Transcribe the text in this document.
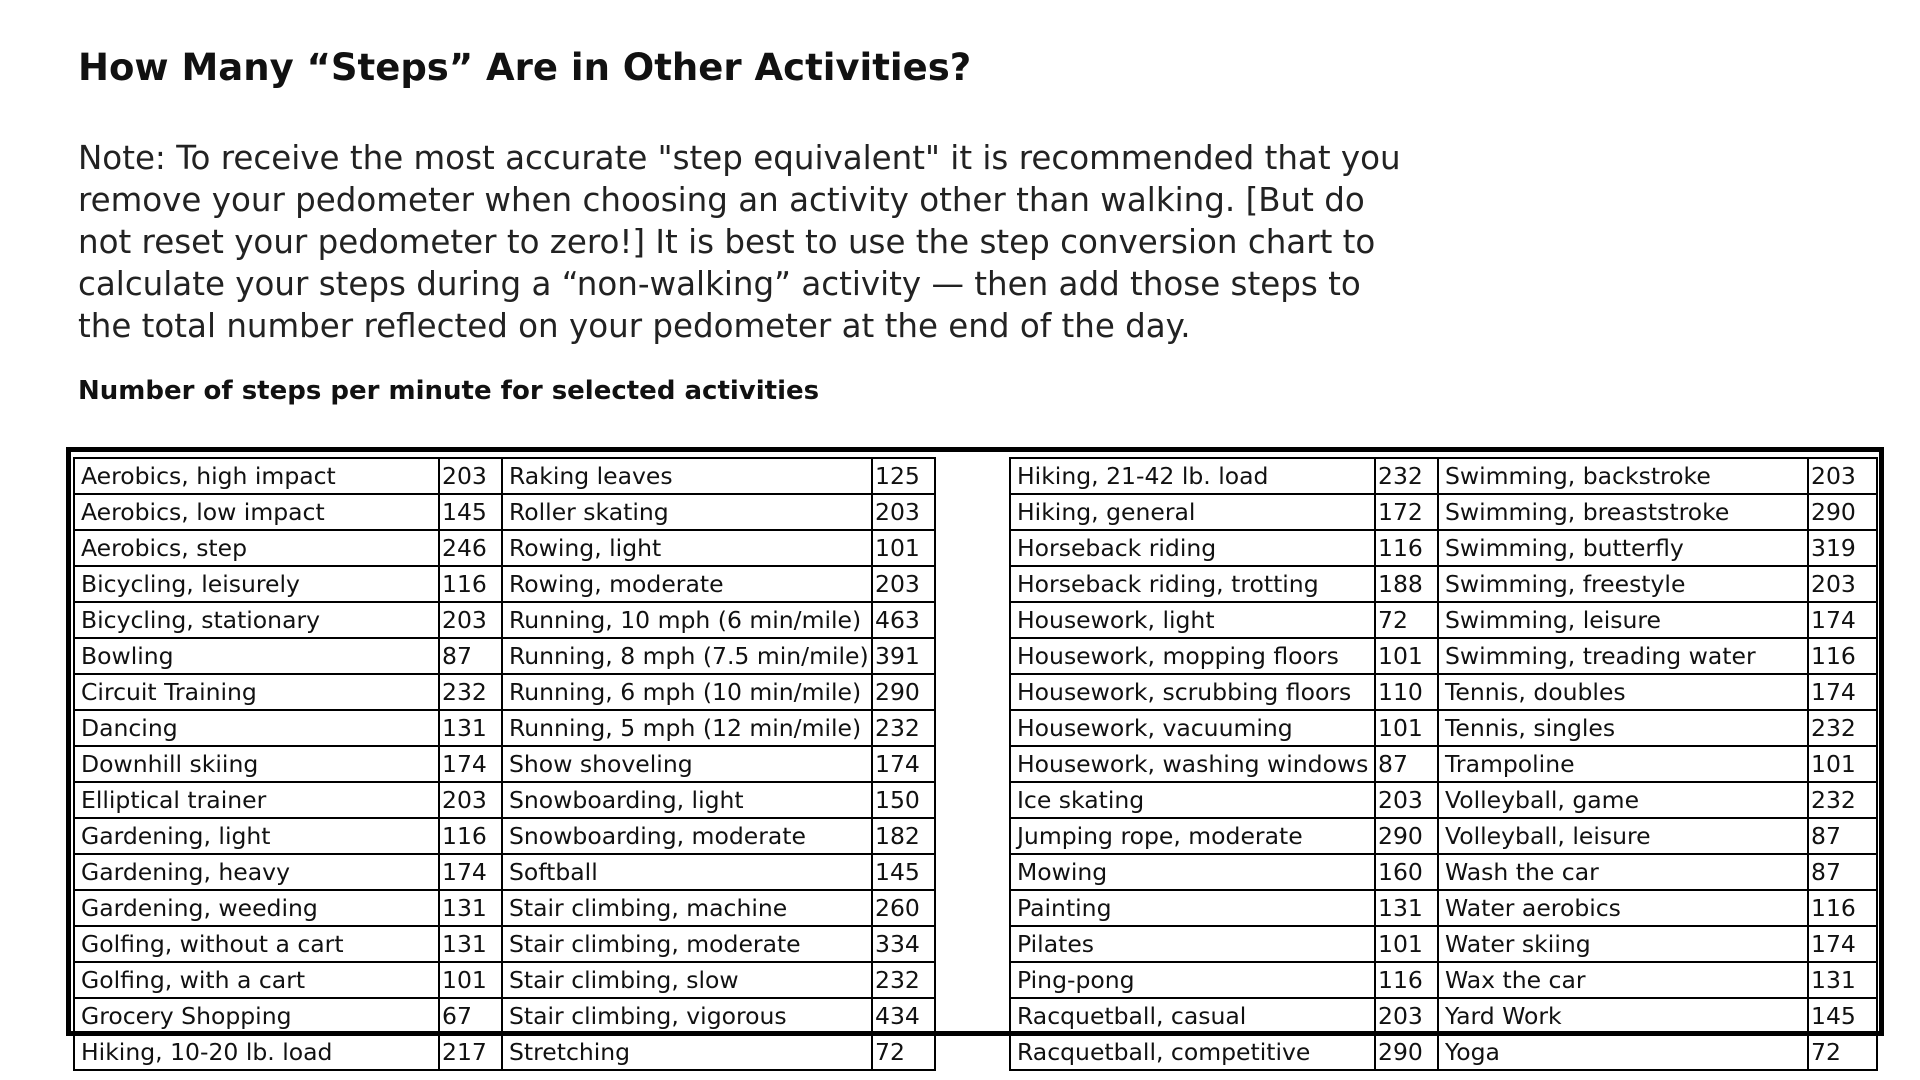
How Many “Steps” Are in Other Activities?

Note: To receive the most accurate "step equivalent" it is recommended that you
remove your pedometer when choosing an activity other than walking. [But do
not reset your pedometer to zero!] It is best to use the step conversion chart to
calculate your steps during a “non-walking” activity — then add those steps to
the total number reflected on your pedometer at the end of the day.

Number of steps per minute for selected activities
Aerobics, high impact	203	Raking leaves	125	
Aerobics, low impact	145	Roller skating	203	
Aerobics, step	246	Rowing, light	101	
Bicycling, leisurely	116	Rowing, moderate	203	
Bicycling, stationary	203	Running, 10 mph (6 min/mile)	463	
Bowling	87	Running, 8 mph (7.5 min/mile)	391	
Circuit Training	232	Running, 6 mph (10 min/mile)	290	
Dancing	131	Running, 5 mph (12 min/mile)	232	
Downhill skiing	174	Show shoveling	174	
Elliptical trainer	203	Snowboarding, light	150	
Gardening, light	116	Snowboarding, moderate	182	
Gardening, heavy	174	Softball	145	
Gardening, weeding	131	Stair climbing, machine	260	
Golfing, without a cart	131	Stair climbing, moderate	334	
Golfing, with a cart	101	Stair climbing, slow	232	
Grocery Shopping	67	Stair climbing, vigorous	434	
Hiking, 10-20 lb. load	217	Stretching	72	
Hiking, 21-42 lb. load	232	Swimming, backstroke	203
Hiking, general	172	Swimming, breaststroke	290
Horseback riding	116	Swimming, butterfly	319
Horseback riding, trotting	188	Swimming, freestyle	203
Housework, light	72	Swimming, leisure	174
Housework, mopping floors	101	Swimming, treading water	116
Housework, scrubbing floors	110	Tennis, doubles	174
Housework, vacuuming	101	Tennis, singles	232
Housework, washing windows	87	Trampoline	101
Ice skating	203	Volleyball, game	232
Jumping rope, moderate	290	Volleyball, leisure	87
Mowing	160	Wash the car	87
Painting	131	Water aerobics	116
Pilates	101	Water skiing	174
Ping-pong	116	Wax the car	131
Racquetball, casual	203	Yard Work	145
Racquetball, competitive	290	Yoga	72
